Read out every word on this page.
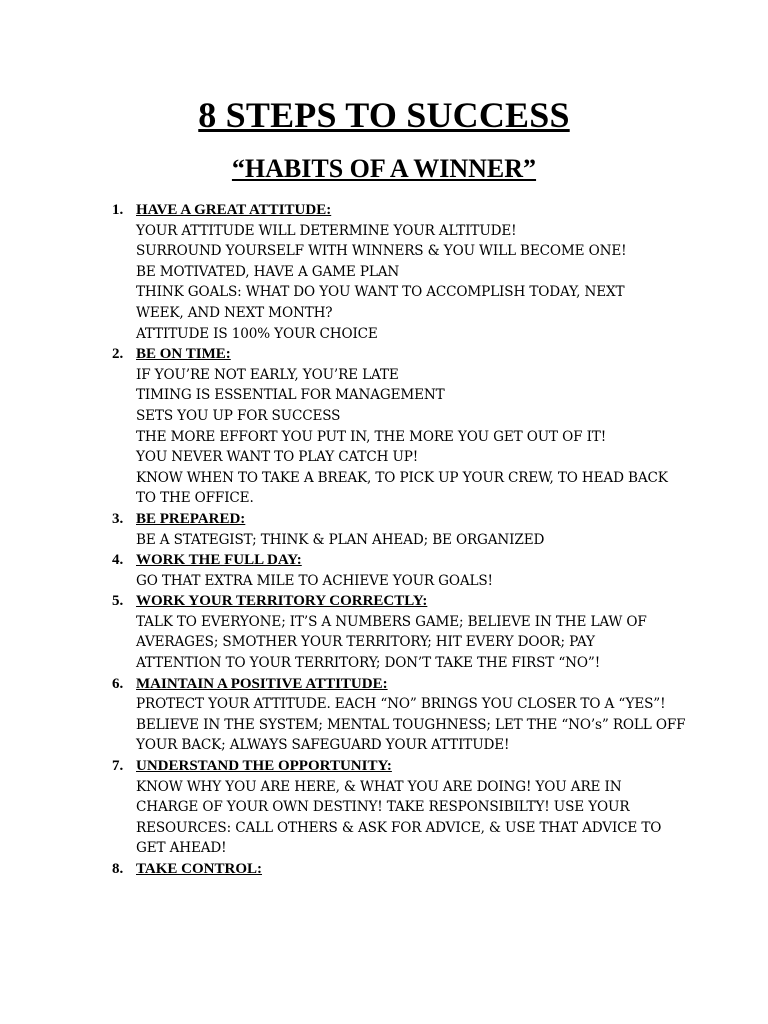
8 STEPS TO SUCCESS
“HABITS OF A WINNER”
1. HAVE A GREAT ATTITUDE:
YOUR ATTITUDE WILL DETERMINE YOUR ALTITUDE!
SURROUND YOURSELF WITH WINNERS & YOU WILL BECOME ONE!
BE MOTIVATED, HAVE A GAME PLAN
THINK GOALS: WHAT DO YOU WANT TO ACCOMPLISH TODAY, NEXT
WEEK, AND NEXT MONTH?
ATTITUDE IS 100% YOUR CHOICE
2. BE ON TIME:
IF YOU’RE NOT EARLY, YOU’RE LATE
TIMING IS ESSENTIAL FOR MANAGEMENT
SETS YOU UP FOR SUCCESS
THE MORE EFFORT YOU PUT IN, THE MORE YOU GET OUT OF IT!
YOU NEVER WANT TO PLAY CATCH UP!
KNOW WHEN TO TAKE A BREAK, TO PICK UP YOUR CREW, TO HEAD BACK
TO THE OFFICE.
3. BE PREPARED:
BE A STATEGIST; THINK & PLAN AHEAD; BE ORGANIZED
4. WORK THE FULL DAY:
GO THAT EXTRA MILE TO ACHIEVE YOUR GOALS!
5. WORK YOUR TERRITORY CORRECTLY:
TALK TO EVERYONE; IT’S A NUMBERS GAME; BELIEVE IN THE LAW OF
AVERAGES; SMOTHER YOUR TERRITORY; HIT EVERY DOOR; PAY
ATTENTION TO YOUR TERRITORY; DON’T TAKE THE FIRST “NO”!
6. MAINTAIN A POSITIVE ATTITUDE:
PROTECT YOUR ATTITUDE. EACH “NO” BRINGS YOU CLOSER TO A “YES”!
BELIEVE IN THE SYSTEM; MENTAL TOUGHNESS; LET THE “NO’s” ROLL OFF
YOUR BACK; ALWAYS SAFEGUARD YOUR ATTITUDE!
7. UNDERSTAND THE OPPORTUNITY:
KNOW WHY YOU ARE HERE, & WHAT YOU ARE DOING! YOU ARE IN
CHARGE OF YOUR OWN DESTINY! TAKE RESPONSIBILTY! USE YOUR
RESOURCES: CALL OTHERS & ASK FOR ADVICE, & USE THAT ADVICE TO
GET AHEAD!
8. TAKE CONTROL:
